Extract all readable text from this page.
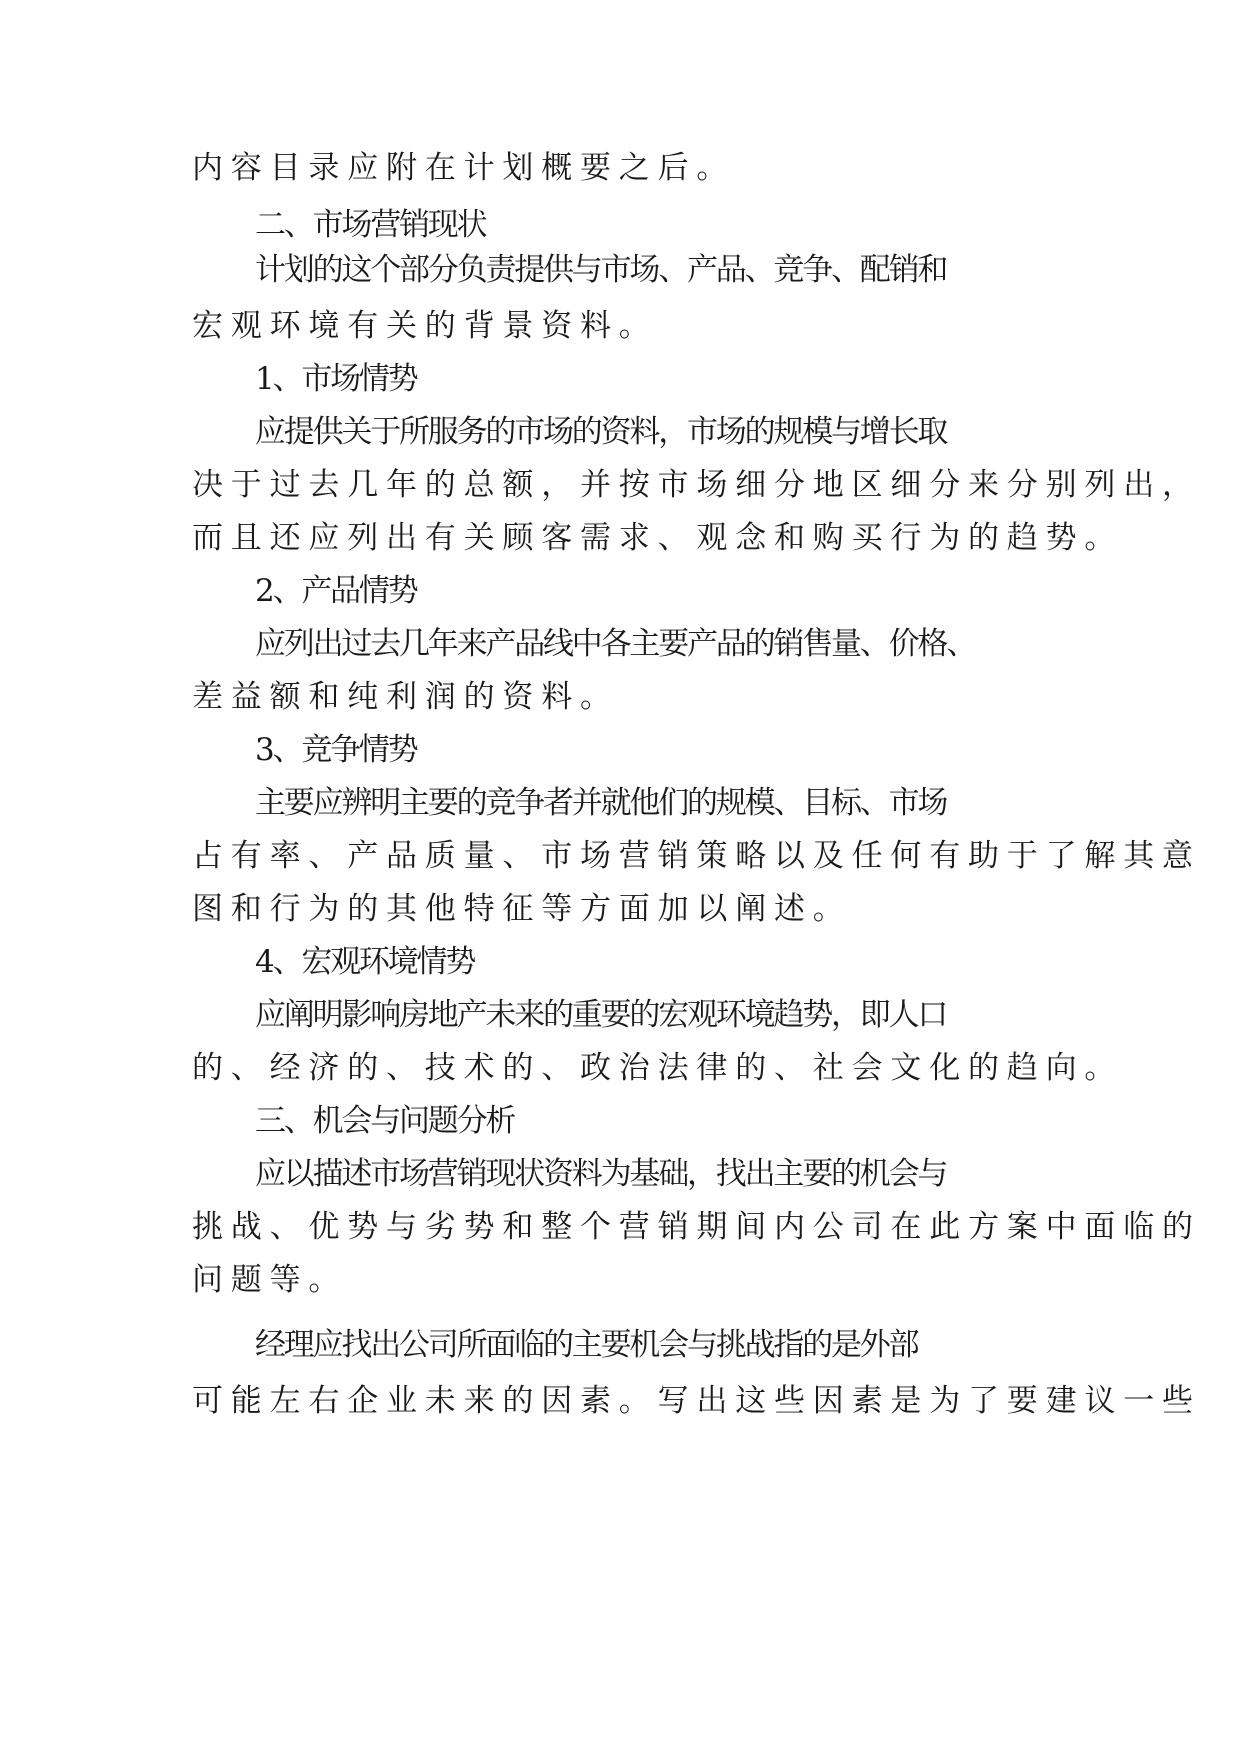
内容目录应附在计划概要之后。
二、市场营销现状
计划的这个部分负责提供与市场、产品、竞争、配销和
宏观环境有关的背景资料。
1、市场情势
应提供关于所服务的市场的资料，市场的规模与增长取
决于过去几年的总额，并按市场细分地区细分来分别列出，
而且还应列出有关顾客需求、观念和购买行为的趋势。
2、产品情势
应列出过去几年来产品线中各主要产品的销售量、价格、
差益额和纯利润的资料。
3、竞争情势
主要应辨明主要的竞争者并就他们的规模、目标、市场
占有率、产品质量、市场营销策略以及任何有助于了解其意
图和行为的其他特征等方面加以阐述。
4、宏观环境情势
应阐明影响房地产未来的重要的宏观环境趋势，即人口
的、经济的、技术的、政治法律的、社会文化的趋向。
三、机会与问题分析
应以描述市场营销现状资料为基础，找出主要的机会与
挑战、优势与劣势和整个营销期间内公司在此方案中面临的
问题等。
经理应找出公司所面临的主要机会与挑战指的是外部
可能左右企业未来的因素。写出这些因素是为了要建议一些
